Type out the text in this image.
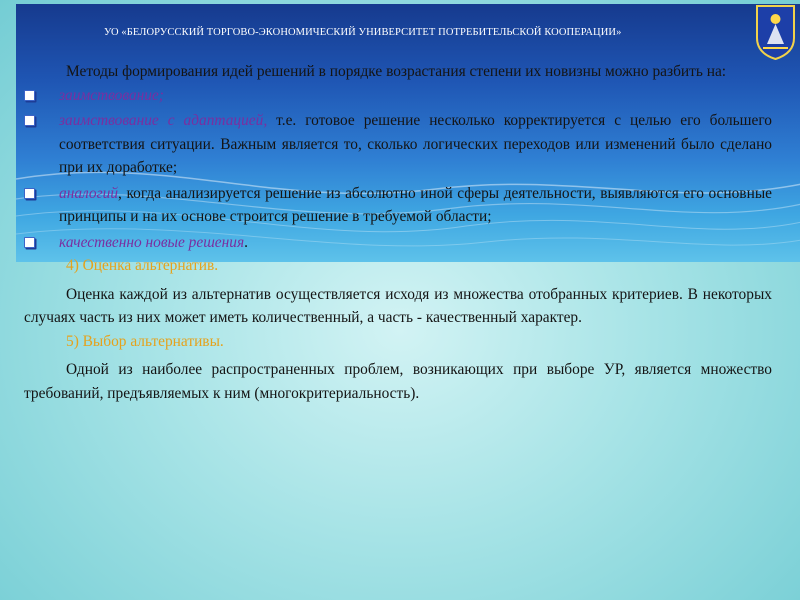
УО «БЕЛОРУССКИЙ ТОРГОВО-ЭКОНОМИЧЕСКИЙ УНИВЕРСИТЕТ ПОТРЕБИТЕЛЬСКОЙ КООПЕРАЦИИ»

Методы формирования идей решений в порядке возрастания степени их новизны можно разбить на:

заимствование;
заимствование с адаптацией, т.е. готовое решение несколько корректируется с целью его большего соответствия ситуации. Важным является то, сколько логических переходов или изменений было сделано при их доработке;
аналогий, когда анализируется решение из абсолютно иной сферы деятельности, выявляются его основные принципы и на их основе строится решение в требуемой области;
качественно новые решения.

4) Оценка альтернатив.

Оценка каждой из альтернатив осуществляется исходя из множества отобранных критериев. В некоторых случаях часть из них может иметь количественный, а часть - качественный характер.

5) Выбор альтернативы.

Одной из наиболее распространенных проблем, возникающих при выборе УР, является множество требований, предъявляемых к ним (многокритериальность).
